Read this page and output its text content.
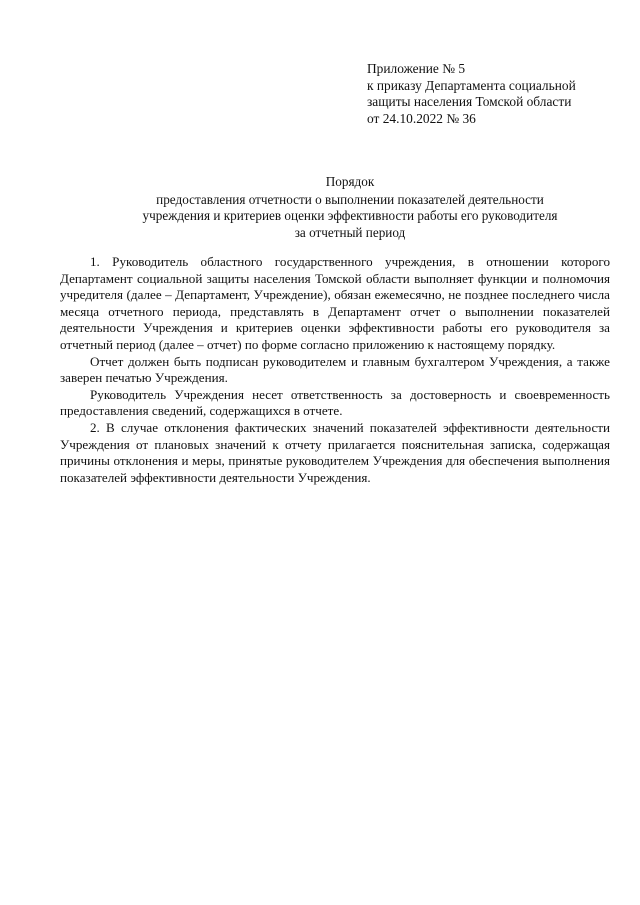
Приложение № 5
к приказу Департамента социальной
защиты населения Томской области
от 24.10.2022 № 36
Порядок
предоставления отчетности о выполнении показателей деятельности
учреждения и критериев оценки эффективности работы его руководителя
за отчетный период

1. Руководитель областного государственного учреждения, в отношении которого Департамент социальной защиты населения Томской области выполняет функции и полномочия учредителя (далее – Департамент, Учреждение), обязан ежемесячно, не позднее последнего числа месяца отчетного периода, представлять в Департамент отчет о выполнении показателей деятельности Учреждения и критериев оценки эффективности работы его руководителя за отчетный период (далее – отчет) по форме согласно приложению к настоящему порядку.

Отчет должен быть подписан руководителем и главным бухгалтером Учреждения, а также заверен печатью Учреждения.

Руководитель Учреждения несет ответственность за достоверность и своевременность предоставления сведений, содержащихся в отчете.

2. В случае отклонения фактических значений показателей эффективности деятельности Учреждения от плановых значений к отчету прилагается пояснительная записка, содержащая причины отклонения и меры, принятые руководителем Учреждения для обеспечения выполнения показателей эффективности деятельности Учреждения.
